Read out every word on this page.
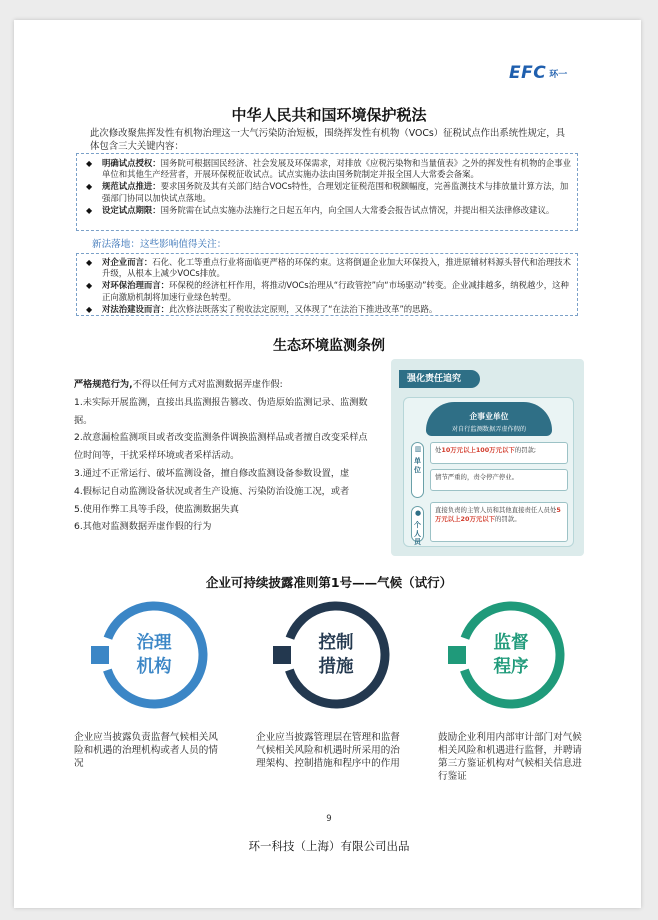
EFC 环一
中华人民共和国环境保护税法
此次修改聚焦挥发性有机物治理这一大气污染防治短板，围绕挥发性有机物（VOCs）征税试点作出系统性规定，具体包含三大关键内容：
◆ 明确试点授权：国务院可根据国民经济、社会发展及环保需求，对排放《应税污染物和当量值表》之外的挥发性有机物的企事业单位和其他生产经营者，开展环保税征收试点。试点实施办法由国务院制定并报全国人大常委会备案。
◆ 规范试点推进：要求国务院及其有关部门结合VOCs特性，合理划定征税范围和税额幅度，完善监测技术与排放量计算方法，加强部门协同以加快试点落地。
◆ 设定试点期限：国务院需在试点实施办法施行之日起五年内，向全国人大常委会报告试点情况，并提出相关法律修改建议。
新法落地：这些影响值得关注：
◆ 对企业而言：石化、化工等重点行业将面临更严格的环保约束。这将倒逼企业加大环保投入，推进原辅材料源头替代和治理技术升级，从根本上减少VOCs排放。
◆ 对环保治理而言：环保税的经济杠杆作用，将推动VOCs治理从“行政管控”向“市场驱动”转变。企业减排越多，纳税越少，这种正向激励机制将加速行业绿色转型。
◆ 对法治建设而言：此次修法既落实了税收法定原则，又体现了“在法治下推进改革”的思路。
生态环境监测条例
严格规范行为,不得以任何方式对监测数据弄虚作假:
1.未实际开展监测，直接出具监测报告篡改、伪造原始监测记录、监测数据。
2.故意漏检监测项目或者改变监测条件调换监测样品或者擅自改变采样点位时间等，干扰采样环境或者采样活动。
3.通过不正常运行、破坏监测设备，擅自修改监测设备参数设置，虚
4.假标记自动监测设备状况或者生产设施、污染防治设施工况，或者
5.使用作弊工具等手段，使监测数据失真
6.其他对监测数据弄虚作假的行为
强化责任追究
企事业单位
对自行监测数据弄虚作假的
▥
单位
●
个人员
处10万元以上100万元以下的罚款;
情节严重的，责令停产停业。
直接负责的主管人员和其他直接责任人员处5万元以上20万元以下的罚款。
企业可持续披露准则第1号——气候（试行）
治理
机构
控制
措施
监督
程序
企业应当披露负责监督气候相关风险和机遇的治理机构或者人员的情况
企业应当披露管理层在管理和监督气候相关风险和机遇时所采用的治理架构、控制措施和程序中的作用
鼓励企业利用内部审计部门对气候相关风险和机遇进行监督，并聘请第三方鉴证机构对气候相关信息进行鉴证
9
环一科技（上海）有限公司出品
